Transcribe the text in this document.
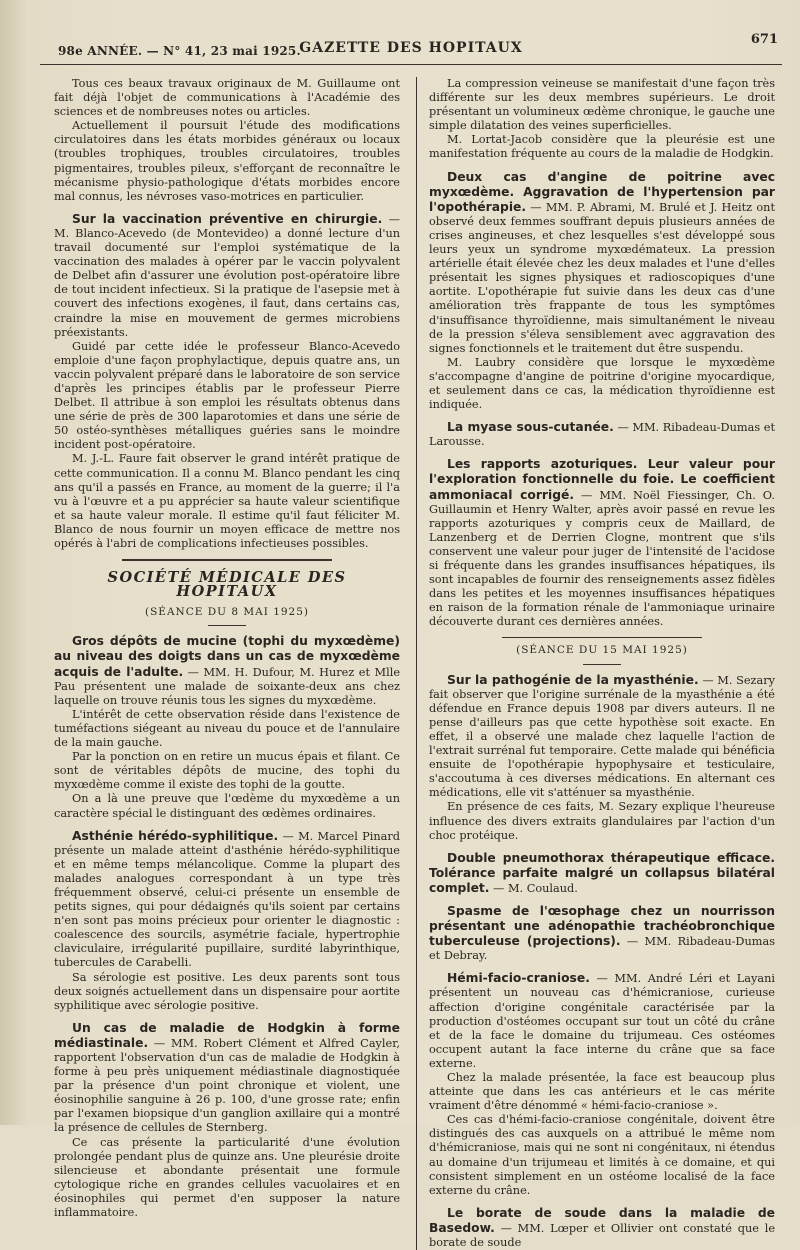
98e ANNÉE. — N° 41, 23 mai 1925.
GAZETTE DES HOPITAUX
671

Tous ces beaux travaux originaux de M. Guillaume ont fait déjà l'objet de communications à l'Académie des sciences et de nombreuses notes ou articles.

Actuellement il poursuit l'étude des modifications circulatoires dans les états morbides généraux ou locaux (troubles trophiques, troubles circulatoires, troubles pigmentaires, troubles pileux, s'efforçant de reconnaître le mécanisme physio-pathologique d'états morbides encore mal connus, les névroses vaso-motrices en particulier.

Sur la vaccination préventive en chirurgie. — M. Blanco-Acevedo (de Montevideo) a donné lecture d'un travail documenté sur l'emploi systématique de la vaccination des malades à opérer par le vaccin polyvalent de Delbet afin d'assurer une évolution post-opératoire libre de tout incident infectieux. Si la pratique de l'asepsie met à couvert des infections exogènes, il faut, dans certains cas, craindre la mise en mouvement de germes microbiens préexistants.

Guidé par cette idée le professeur Blanco-Acevedo emploie d'une façon prophylactique, depuis quatre ans, un vaccin polyvalent préparé dans le laboratoire de son service d'après les principes établis par le professeur Pierre Delbet. Il attribue à son emploi les résultats obtenus dans une série de près de 300 laparotomies et dans une série de 50 ostéo-synthèses métalliques guéries sans le moindre incident post-opératoire.

M. J.-L. Faure fait observer le grand intérêt pratique de cette communication. Il a connu M. Blanco pendant les cinq ans qu'il a passés en France, au moment de la guerre; il l'a vu à l'œuvre et a pu apprécier sa haute valeur scientifique et sa haute valeur morale. Il estime qu'il faut féliciter M. Blanco de nous fournir un moyen efficace de mettre nos opérés à l'abri de complications infectieuses possibles.

SOCIÉTÉ MÉDICALE DES HOPITAUX
(SÉANCE DU 8 MAI 1925)

Gros dépôts de mucine (tophi du myxœdème) au niveau des doigts dans un cas de myxœdème acquis de l'adulte. — MM. H. Dufour, M. Hurez et Mlle Pau présentent une malade de soixante-deux ans chez laquelle on trouve réunis tous les signes du myxœdème.

L'intérêt de cette observation réside dans l'existence de tuméfactions siégeant au niveau du pouce et de l'annulaire de la main gauche.

Par la ponction on en retire un mucus épais et filant. Ce sont de véritables dépôts de mucine, des tophi du myxœdème comme il existe des tophi de la goutte.

On a là une preuve que l'œdème du myxœdème a un caractère spécial le distinguant des œdèmes ordinaires.

Asthénie hérédo-syphilitique. — M. Marcel Pinard présente un malade atteint d'asthénie hérédo-syphilitique et en même temps mélancolique. Comme la plupart des malades analogues correspondant à un type très fréquemment observé, celui-ci présente un ensemble de petits signes, qui pour dédaignés qu'ils soient par certains n'en sont pas moins précieux pour orienter le diagnostic : coalescence des sourcils, asymétrie faciale, hypertrophie claviculaire, irrégularité pupillaire, surdité labyrinthique, tubercules de Carabelli.

Sa sérologie est positive. Les deux parents sont tous deux soignés actuellement dans un dispensaire pour aortite syphilitique avec sérologie positive.

Un cas de maladie de Hodgkin à forme médiastinale. — MM. Robert Clément et Alfred Cayler, rapportent l'observation d'un cas de maladie de Hodgkin à forme à peu près uniquement médiastinale diagnostiquée par la présence d'un point chronique et violent, une éosinophilie sanguine à 26 p. 100, d'une grosse rate; enfin par l'examen biopsique d'un ganglion axillaire qui a montré la présence de cellules de Sternberg.

Ce cas présente la particularité d'une évolution prolongée pendant plus de quinze ans. Une pleurésie droite silencieuse et abondante présentait une formule cytologique riche en grandes cellules vacuolaires et en éosinophiles qui permet d'en supposer la nature inflammatoire.

La compression veineuse se manifestait d'une façon très différente sur les deux membres supérieurs. Le droit présentant un volumineux œdème chronique, le gauche une simple dilatation des veines superficielles.

M. Lortat-Jacob considère que la pleurésie est une manifestation fréquente au cours de la maladie de Hodgkin.

Deux cas d'angine de poitrine avec myxœdème. Aggravation de l'hypertension par l'opothérapie. — MM. P. Abrami, M. Brulé et J. Heitz ont observé deux femmes souffrant depuis plusieurs années de crises angineuses, et chez lesquelles s'est développé sous leurs yeux un syndrome myxœdémateux. La pression artérielle était élevée chez les deux malades et l'une d'elles présentait les signes physiques et radioscopiques d'une aortite. L'opothérapie fut suivie dans les deux cas d'une amélioration très frappante de tous les symptômes d'insuffisance thyroïdienne, mais simultanément le niveau de la pression s'éleva sensiblement avec aggravation des signes fonctionnels et le traitement dut être suspendu.

M. Laubry considère que lorsque le myxœdème s'accompagne d'angine de poitrine d'origine myocardique, et seulement dans ce cas, la médication thyroïdienne est indiquée.

La myase sous-cutanée. — MM. Ribadeau-Dumas et Larousse.

Les rapports azoturiques. Leur valeur pour l'exploration fonctionnelle du foie. Le coefficient ammoniacal corrigé. — MM. Noël Fiessinger, Ch. O. Guillaumin et Henry Walter, après avoir passé en revue les rapports azoturiques y compris ceux de Maillard, de Lanzenberg et de Derrien Clogne, montrent que s'ils conservent une valeur pour juger de l'intensité de l'acidose si fréquente dans les grandes insuffisances hépatiques, ils sont incapables de fournir des renseignements assez fidèles dans les petites et les moyennes insuffisances hépatiques en raison de la formation rénale de l'ammoniaque urinaire découverte durant ces dernières années.

(SÉANCE DU 15 MAI 1925)

Sur la pathogénie de la myasthénie. — M. Sezary fait observer que l'origine surrénale de la myasthénie a été défendue en France depuis 1908 par divers auteurs. Il ne pense d'ailleurs pas que cette hypothèse soit exacte. En effet, il a observé une malade chez laquelle l'action de l'extrait surrénal fut temporaire. Cette malade qui bénéficia ensuite de l'opothérapie hypophysaire et testiculaire, s'accoutuma à ces diverses médications. En alternant ces médications, elle vit s'atténuer sa myasthénie.

En présence de ces faits, M. Sezary explique l'heureuse influence des divers extraits glandulaires par l'action d'un choc protéique.

Double pneumothorax thérapeutique efficace. Tolérance parfaite malgré un collapsus bilatéral complet. — M. Coulaud.

Spasme de l'œsophage chez un nourrisson présentant une adénopathie trachéobronchique tuberculeuse (projections). — MM. Ribadeau-Dumas et Debray.

Hémi-facio-craniose. — MM. André Léri et Layani présentent un nouveau cas d'hémicraniose, curieuse affection d'origine congénitale caractérisée par la production d'ostéomes occupant sur tout un côté du crâne et de la face le domaine du trijumeau. Ces ostéomes occupent autant la face interne du crâne que sa face externe.

Chez la malade présentée, la face est beaucoup plus atteinte que dans les cas antérieurs et le cas mérite vraiment d'être dénommé « hémi-facio-craniose ».

Ces cas d'hémi-facio-craniose congénitale, doivent être distingués des cas auxquels on a attribué le même nom d'hémicraniose, mais qui ne sont ni congénitaux, ni étendus au domaine d'un trijumeau et limités à ce domaine, et qui consistent simplement en un ostéome localisé de la face externe du crâne.

Le borate de soude dans la maladie de Basedow. — MM. Lœper et Ollivier ont constaté que le borate de soude
